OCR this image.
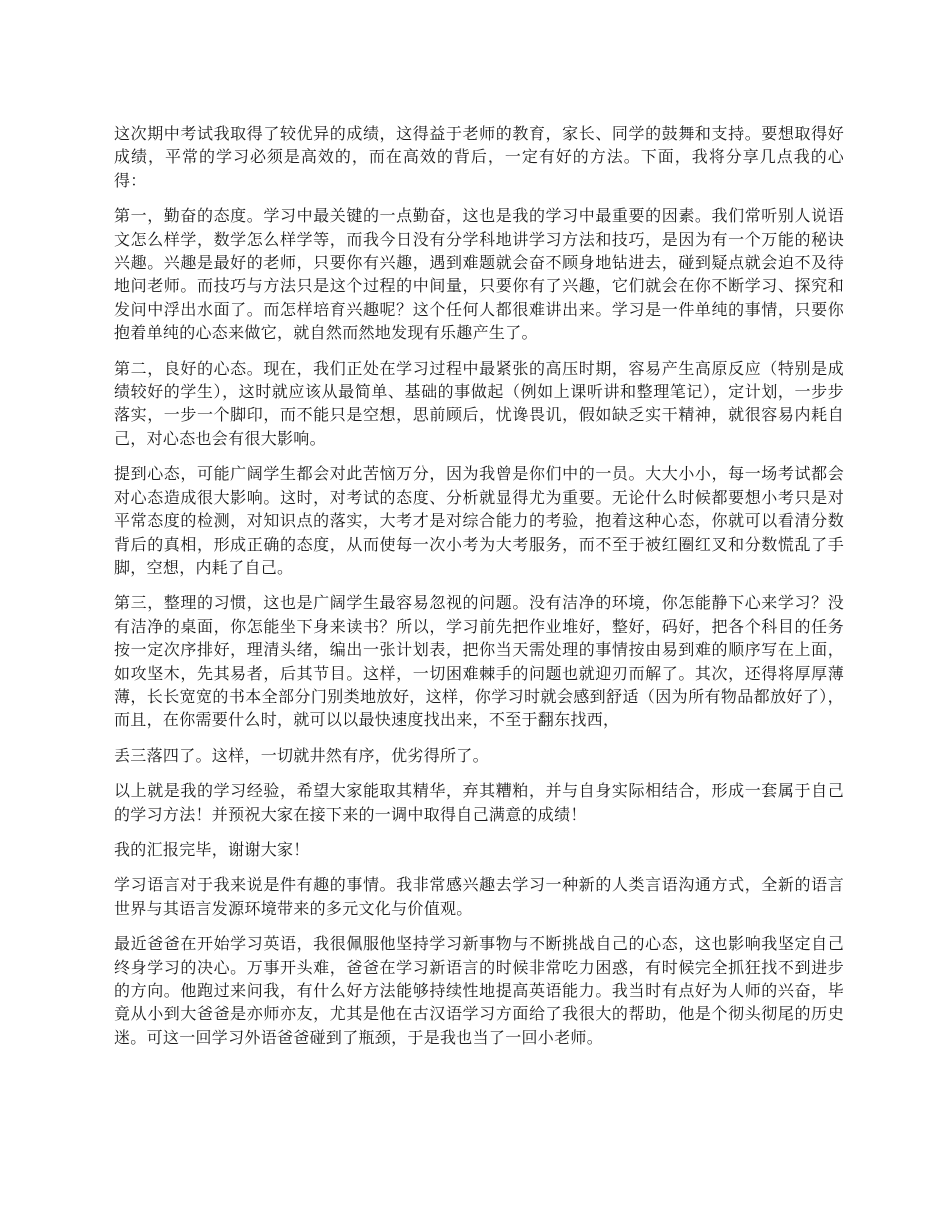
这次期中考试我取得了较优异的成绩，这得益于老师的教育，家长、同学的鼓舞和支持。要想取得好成绩，平常的学习必须是高效的，而在高效的背后，一定有好的方法。下面，我将分享几点我的心得：

第一，勤奋的态度。学习中最关键的一点勤奋，这也是我的学习中最重要的因素。我们常听别人说语文怎么样学，数学怎么样学等，而我今日没有分学科地讲学习方法和技巧，是因为有一个万能的秘诀兴趣。兴趣是最好的老师，只要你有兴趣，遇到难题就会奋不顾身地钻进去，碰到疑点就会迫不及待地问老师。而技巧与方法只是这个过程的中间量，只要你有了兴趣，它们就会在你不断学习、探究和发问中浮出水面了。而怎样培育兴趣呢？这个任何人都很难讲出来。学习是一件单纯的事情，只要你抱着单纯的心态来做它，就自然而然地发现有乐趣产生了。

第二，良好的心态。现在，我们正处在学习过程中最紧张的高压时期，容易产生高原反应（特别是成绩较好的学生），这时就应该从最简单、基础的事做起（例如上课听讲和整理笔记），定计划，一步步落实，一步一个脚印，而不能只是空想，思前顾后，忧谗畏讥，假如缺乏实干精神，就很容易内耗自己，对心态也会有很大影响。

提到心态，可能广阔学生都会对此苦恼万分，因为我曾是你们中的一员。大大小小，每一场考试都会对心态造成很大影响。这时，对考试的态度、分析就显得尤为重要。无论什么时候都要想小考只是对平常态度的检测，对知识点的落实，大考才是对综合能力的考验，抱着这种心态，你就可以看清分数背后的真相，形成正确的态度，从而使每一次小考为大考服务，而不至于被红圈红叉和分数慌乱了手脚，空想，内耗了自己。

第三，整理的习惯，这也是广阔学生最容易忽视的问题。没有洁净的环境，你怎能静下心来学习？没有洁净的桌面，你怎能坐下身来读书？所以，学习前先把作业堆好，整好，码好，把各个科目的任务按一定次序排好，理清头绪，编出一张计划表，把你当天需处理的事情按由易到难的顺序写在上面，如攻坚木，先其易者，后其节目。这样，一切困难棘手的问题也就迎刃而解了。其次，还得将厚厚薄薄，长长宽宽的书本全部分门别类地放好，这样，你学习时就会感到舒适（因为所有物品都放好了），而且，在你需要什么时，就可以以最快速度找出来，不至于翻东找西，

丢三落四了。这样，一切就井然有序，优劣得所了。

以上就是我的学习经验，希望大家能取其精华，弃其糟粕，并与自身实际相结合，形成一套属于自己的学习方法！并预祝大家在接下来的一调中取得自己满意的成绩！

我的汇报完毕，谢谢大家！

学习语言对于我来说是件有趣的事情。我非常感兴趣去学习一种新的人类言语沟通方式，全新的语言世界与其语言发源环境带来的多元文化与价值观。

最近爸爸在开始学习英语，我很佩服他坚持学习新事物与不断挑战自己的心态，这也影响我坚定自己终身学习的决心。万事开头难，爸爸在学习新语言的时候非常吃力困惑，有时候完全抓狂找不到进步的方向。他跑过来问我，有什么好方法能够持续性地提高英语能力。我当时有点好为人师的兴奋，毕竟从小到大爸爸是亦师亦友，尤其是他在古汉语学习方面给了我很大的帮助，他是个彻头彻尾的历史迷。可这一回学习外语爸爸碰到了瓶颈，于是我也当了一回小老师。
